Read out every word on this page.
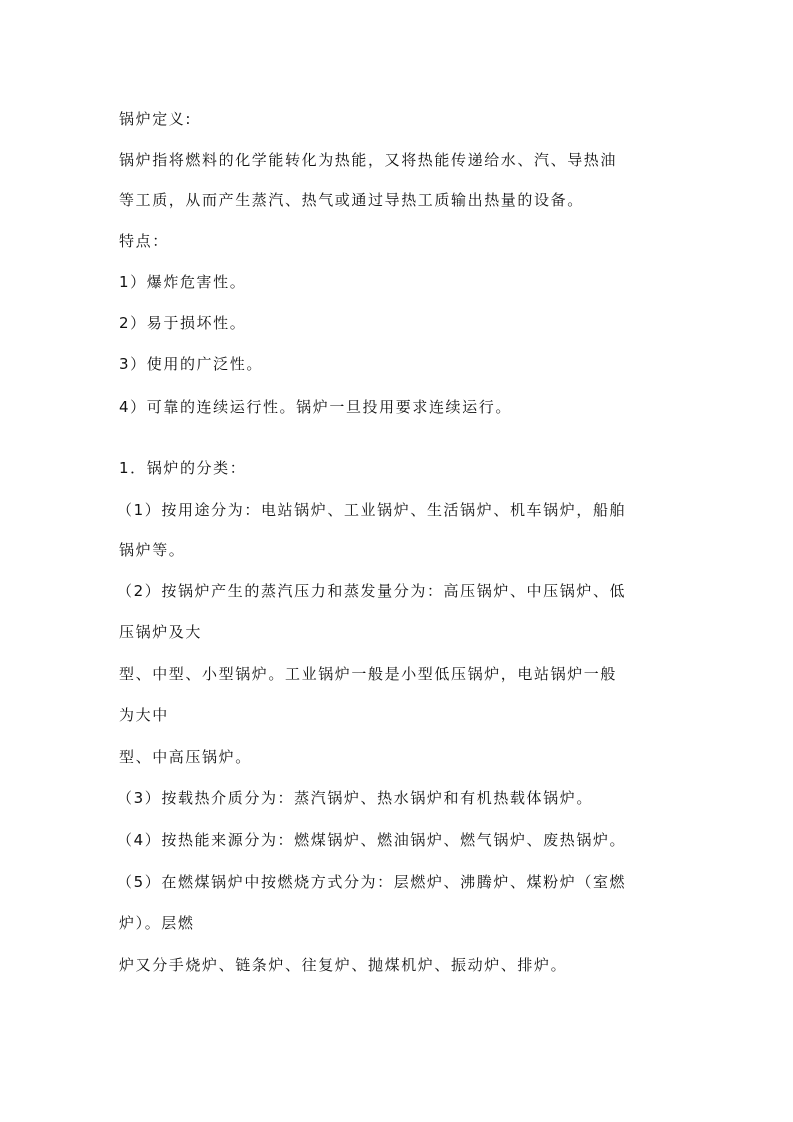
锅炉定义:
锅炉指将燃料的化学能转化为热能，又将热能传递给水、汽、导热油
等工质，从而产生蒸汽、热气或通过导热工质输出热量的设备。
特点：
1）爆炸危害性。
2）易于损坏性。
3）使用的广泛性。
4）可靠的连续运行性。锅炉一旦投用要求连续运行。
1．锅炉的分类：
（1）按用途分为：电站锅炉、工业锅炉、生活锅炉、机车锅炉，船舶
锅炉等。
（2）按锅炉产生的蒸汽压力和蒸发量分为：高压锅炉、中压锅炉、低
压锅炉及大
型、中型、小型锅炉。工业锅炉一般是小型低压锅炉，电站锅炉一般
为大中
型、中高压锅炉。
（3）按载热介质分为：蒸汽锅炉、热水锅炉和有机热载体锅炉。
（4）按热能来源分为：燃煤锅炉、燃油锅炉、燃气锅炉、废热锅炉。
（5）在燃煤锅炉中按燃烧方式分为：层燃炉、沸腾炉、煤粉炉（室燃
炉）。层燃
炉又分手烧炉、链条炉、往复炉、抛煤机炉、振动炉、排炉。
